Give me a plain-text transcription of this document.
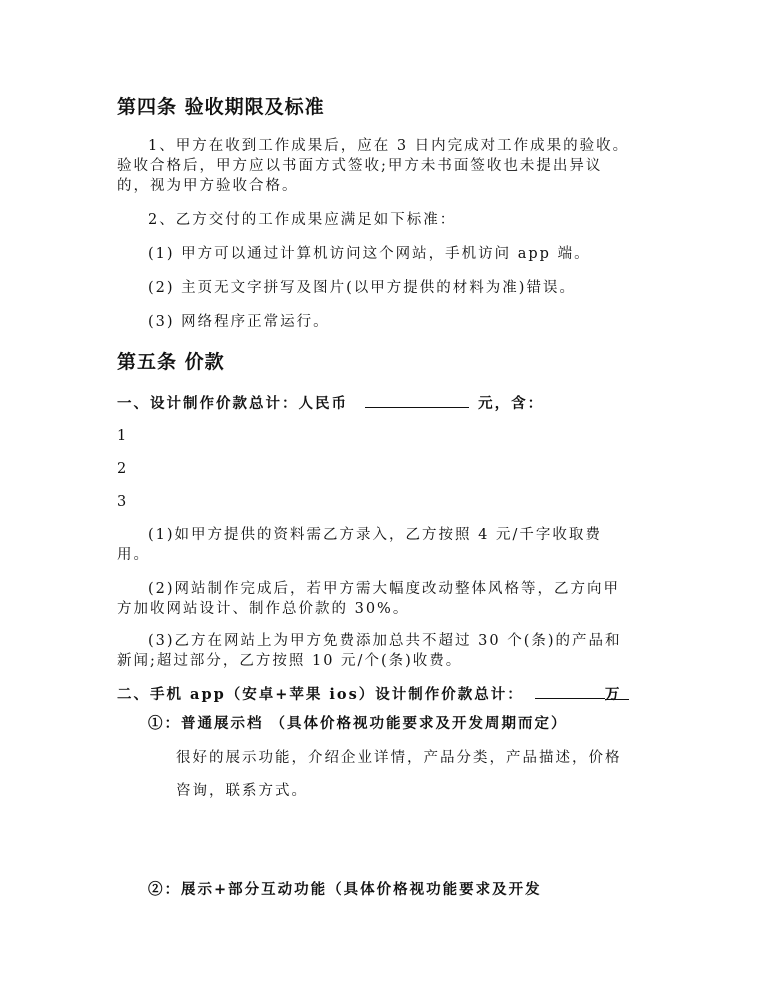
第四条 验收期限及标准
1、甲方在收到工作成果后，应在 3 日内完成对工作成果的验收。
验收合格后，甲方应以书面方式签收;甲方未书面签收也未提出异议
的，视为甲方验收合格。
2、乙方交付的工作成果应满足如下标准：
(1) 甲方可以通过计算机访问这个网站，手机访问 app 端。
(2) 主页无文字拼写及图片(以甲方提供的材料为准)错误。
(3) 网络程序正常运行。
第五条 价款
一、设计制作价款总计：人民币	元，含：
1
2
3
(1)如甲方提供的资料需乙方录入，乙方按照 4 元/千字收取费
用。
(2)网站制作完成后，若甲方需大幅度改动整体风格等，乙方向甲
方加收网站设计、制作总价款的 30%。
(3)乙方在网站上为甲方免费添加总共不超过 30 个(条)的产品和
新闻;超过部分，乙方按照 10 元/个(条)收费。
二、手机 app（安卓+苹果 ios）设计制作价款总计：	万
①：普通展示档 （具体价格视功能要求及开发周期而定）
很好的展示功能，介绍企业详情，产品分类，产品描述，价格
咨询，联系方式。
②：展示+部分互动功能（具体价格视功能要求及开发
